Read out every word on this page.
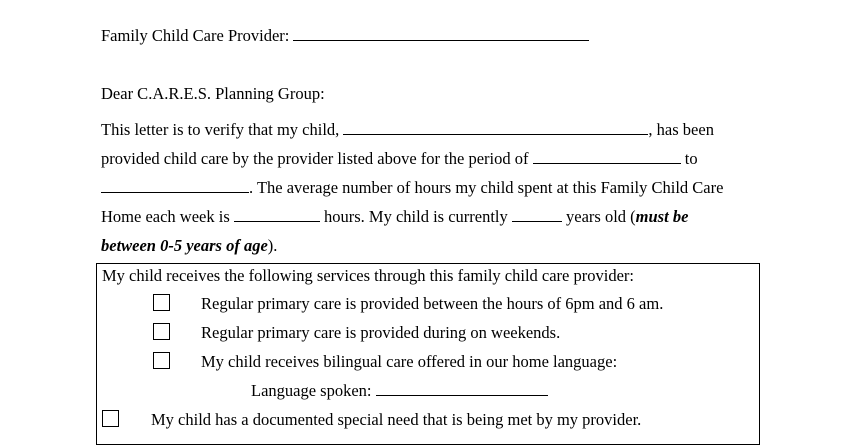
Family Child Care Provider:
Dear C.A.R.E.S. Planning Group:
This letter is to verify that my child,	, has been
provided child care by the provider listed above for the period of	to
. The average number of hours my child spent at this Family Child Care
Home each week is	hours. My child is currently	years old (must be
between 0-5 years of age).
My child receives the following services through this family child care provider:
Regular primary care is provided between the hours of 6pm and 6 am.
Regular primary care is provided during on weekends.
My child receives bilingual care offered in our home language:
Language spoken:
My child has a documented special need that is being met by my provider.
